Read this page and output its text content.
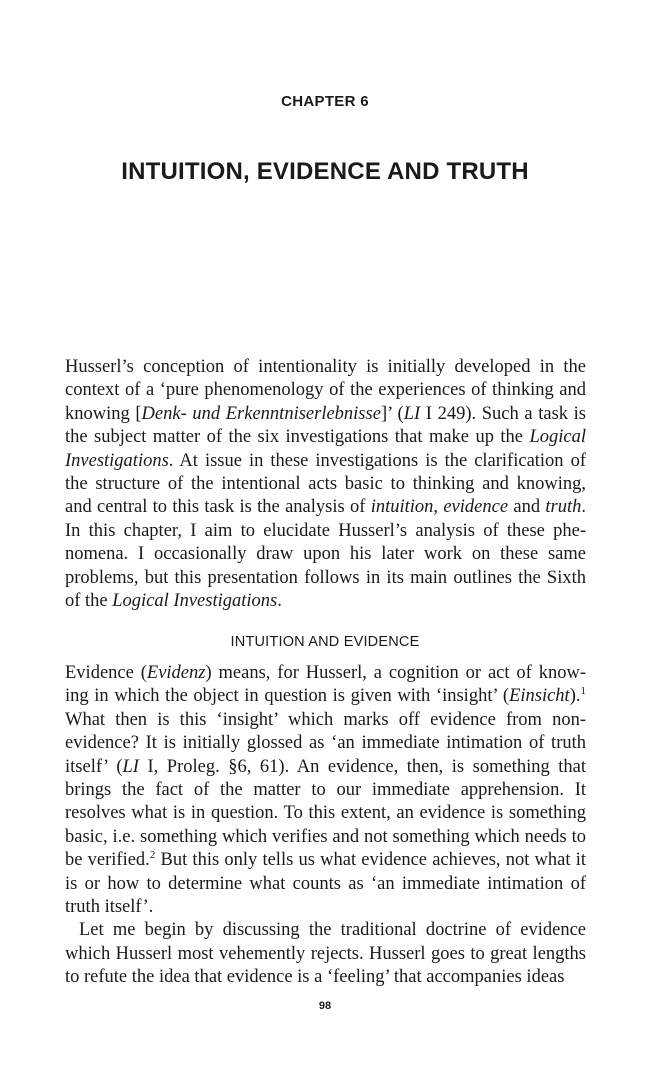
CHAPTER 6
INTUITION, EVIDENCE AND TRUTH
Husserl’s conception of intentionality is initially developed in the
context of a ‘pure phenomenology of the experiences of thinking and
knowing [Denk- und Erkenntniserlebnisse]’ (LI I 249). Such a task is
the subject matter of the six investigations that make up the Logical
Investigations. At issue in these investigations is the clarification of
the structure of the intentional acts basic to thinking and knowing,
and central to this task is the analysis of intuition, evidence and truth.
In this chapter, I aim to elucidate Husserl’s analysis of these phe-
nomena. I occasionally draw upon his later work on these same
problems, but this presentation follows in its main outlines the Sixth
of the Logical Investigations.
INTUITION AND EVIDENCE
Evidence (Evidenz) means, for Husserl, a cognition or act of know-
ing in which the object in question is given with ‘insight’ (Einsicht).$^1$
What then is this ‘insight’ which marks off evidence from non-
evidence? It is initially glossed as ‘an immediate intimation of truth
itself’ (LI I, Proleg. §6, 61). An evidence, then, is something that
brings the fact of the matter to our immediate apprehension. It
resolves what is in question. To this extent, an evidence is something
basic, i.e. something which verifies and not something which needs to
be verified.$^2$ But this only tells us what evidence achieves, not what it
is or how to determine what counts as ‘an immediate intimation of
truth itself’.
Let me begin by discussing the traditional doctrine of evidence
which Husserl most vehemently rejects. Husserl goes to great lengths
to refute the idea that evidence is a ‘feeling’ that accompanies ideas
98
